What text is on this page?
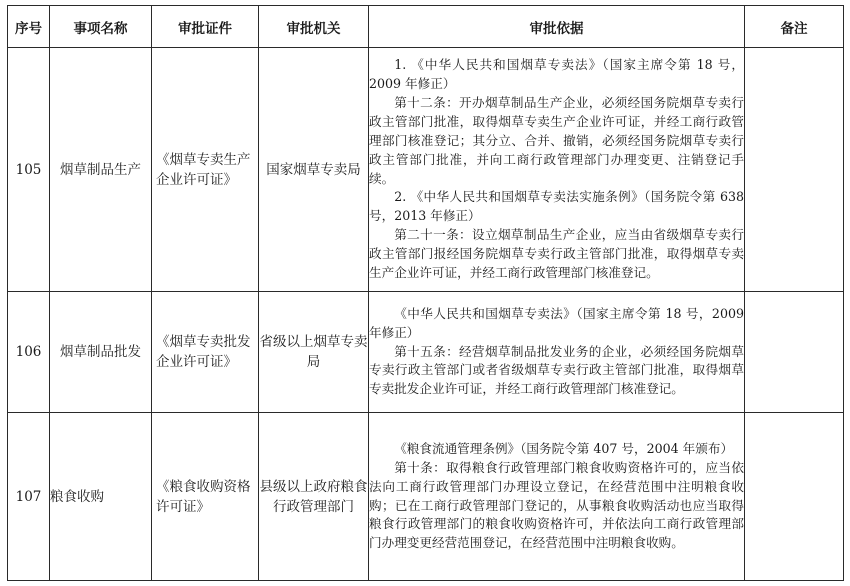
序号	事项名称	审批证件	审批机关	审批依据	备注
105	烟草制品生产	《烟草专卖生产企业许可证》	国家烟草专卖局	1. 《中华人民共和国烟草专卖法》（国家主席令第 18 号，2009 年修正）

第十二条：开办烟草制品生产企业，必须经国务院烟草专卖行政主管部门批准，取得烟草专卖生产企业许可证，并经工商行政管理部门核准登记；其分立、合并、撤销，必须经国务院烟草专卖行政主管部门批准，并向工商行政管理部门办理变更、注销登记手续。

2. 《中华人民共和国烟草专卖法实施条例》（国务院令第 638 号，2013 年修正）

第二十一条：设立烟草制品生产企业，应当由省级烟草专卖行政主管部门报经国务院烟草专卖行政主管部门批准，取得烟草专卖生产企业许可证，并经工商行政管理部门核准登记。	

106	烟草制品批发	《烟草专卖批发企业许可证》	省级以上烟草专卖局	《中华人民共和国烟草专卖法》（国家主席令第 18 号，2009 年修正）

第十五条：经营烟草制品批发业务的企业，必须经国务院烟草专卖行政主管部门或者省级烟草专卖行政主管部门批准，取得烟草专卖批发企业许可证，并经工商行政管理部门核准登记。	

107	粮食收购	《粮食收购资格许可证》	县级以上政府粮食行政管理部门	《粮食流通管理条例》（国务院令第 407 号，2004 年颁布）

第十条：取得粮食行政管理部门粮食收购资格许可的，应当依法向工商行政管理部门办理设立登记，在经营范围中注明粮食收购；已在工商行政管理部门登记的，从事粮食收购活动也应当取得粮食行政管理部门的粮食收购资格许可，并依法向工商行政管理部门办理变更经营范围登记，在经营范围中注明粮食收购。	
